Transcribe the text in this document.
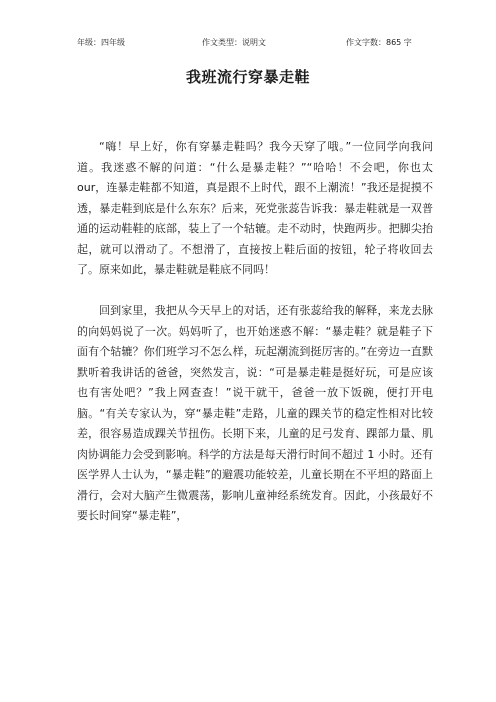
年级：四年级	作文类型：说明文	作文字数：865 字
我班流行穿暴走鞋

“嗨！早上好，你有穿暴走鞋吗？我今天穿了哦。”一位同学向我问道。我迷惑不解的问道：“什么是暴走鞋？”“哈哈！不会吧，你也太 our，连暴走鞋都不知道，真是跟不上时代，跟不上潮流！”我还是捉摸不透，暴走鞋到底是什么东东？后来，死党张蕊告诉我：暴走鞋就是一双普通的运动鞋鞋的底部，装上了一个轱辘。走不动时，快跑两步。把脚尖抬起，就可以滑动了。不想滑了，直接按上鞋后面的按钮，轮子将收回去了。原来如此，暴走鞋就是鞋底不同吗！

回到家里，我把从今天早上的对话，还有张蕊给我的解释，来龙去脉的向妈妈说了一次。妈妈听了，也开始迷惑不解：“暴走鞋？就是鞋子下面有个轱辘？你们班学习不怎么样，玩起潮流到挺厉害的。”在旁边一直默默听着我讲话的爸爸，突然发言，说：“可是暴走鞋是挺好玩，可是应该也有害处吧？”我上网查查！”说干就干，爸爸一放下饭碗，便打开电脑。“有关专家认为，穿“暴走鞋”走路，儿童的踝关节的稳定性相对比较差，很容易造成踝关节扭伤。长期下来，儿童的足弓发育、踝部力量、肌肉协调能力会受到影响。科学的方法是每天滑行时间不超过 1 小时。还有医学界人士认为，“暴走鞋”的避震功能较差，儿童长期在不平坦的路面上滑行，会对大脑产生微震荡，影响儿童神经系统发育。因此，小孩最好不要长时间穿“暴走鞋”，
